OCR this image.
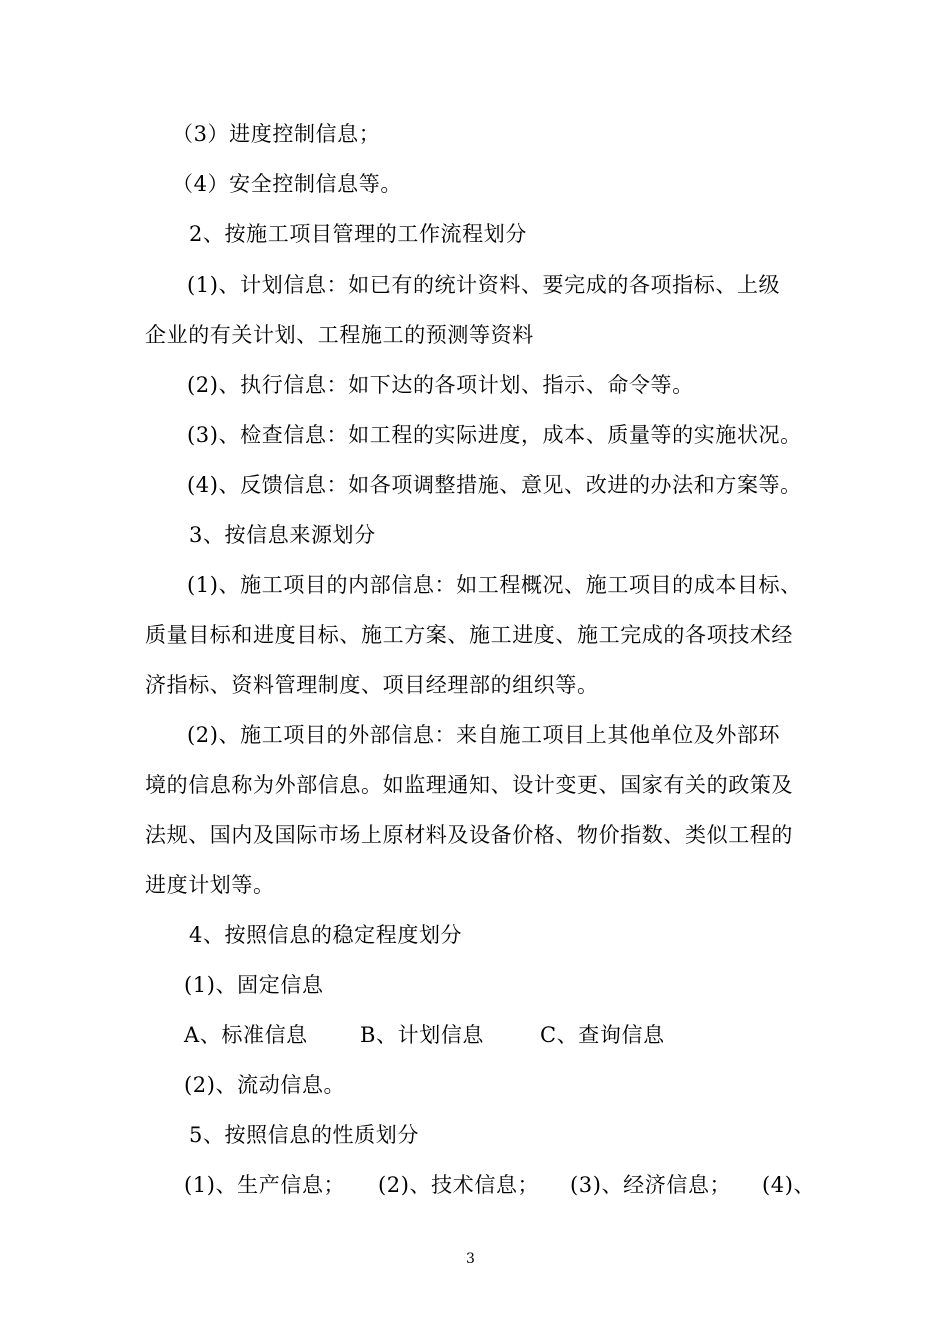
（3）进度控制信息；
（4）安全控制信息等。
2、按施工项目管理的工作流程划分
(1)、计划信息：如已有的统计资料、要完成的各项指标、上级
企业的有关计划、工程施工的预测等资料
(2)、执行信息：如下达的各项计划、指示、命令等。
(3)、检查信息：如工程的实际进度，成本、质量等的实施状况。
(4)、反馈信息：如各项调整措施、意见、改进的办法和方案等。
3、按信息来源划分
(1)、施工项目的内部信息：如工程概况、施工项目的成本目标、
质量目标和进度目标、施工方案、施工进度、施工完成的各项技术经
济指标、资料管理制度、项目经理部的组织等。
(2)、施工项目的外部信息：来自施工项目上其他单位及外部环
境的信息称为外部信息。如监理通知、设计变更、国家有关的政策及
法规、国内及国际市场上原材料及设备价格、物价指数、类似工程的
进度计划等。
4、按照信息的稳定程度划分
(1)、固定信息
A、标准信息 B、计划信息	C、查询信息
(2)、流动信息。
5、按照信息的性质划分
(1)、生产信息； (2)、技术信息； (3)、经济信息； (4)、
3
